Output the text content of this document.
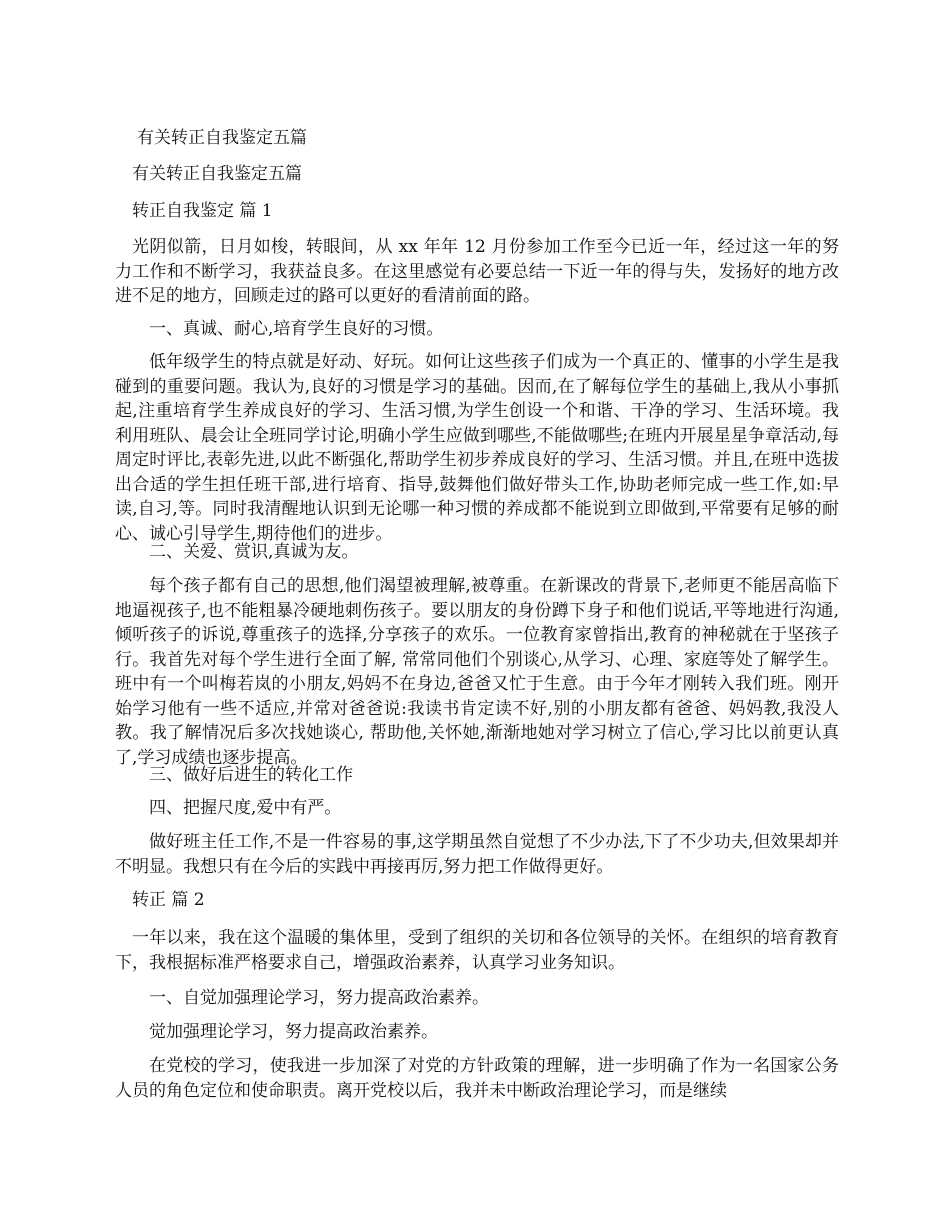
有关转正自我鉴定五篇
有关转正自我鉴定五篇
转正自我鉴定 篇 1
光阴似箭，日月如梭，转眼间，从 xx 年年 12 月份参加工作至今已近一年，经过这一年的努力工作和不断学习，我获益良多。在这里感觉有必要总结一下近一年的得与失，发扬好的地方改进不足的地方，回顾走过的路可以更好的看清前面的路。
一、真诚、耐心,培育学生良好的习惯。
低年级学生的特点就是好动、好玩。如何让这些孩子们成为一个真正的、懂事的小学生是我碰到的重要问题。我认为,良好的习惯是学习的基础。因而,在了解每位学生的基础上,我从小事抓起,注重培育学生养成良好的学习、生活习惯,为学生创设一个和谐、干净的学习、生活环境。我利用班队、晨会让全班同学讨论,明确小学生应做到哪些,不能做哪些;在班内开展星星争章活动,每周定时评比,表彰先进,以此不断强化,帮助学生初步养成良好的学习、生活习惯。并且,在班中选拔出合适的学生担任班干部,进行培育、指导,鼓舞他们做好带头工作,协助老师完成一些工作,如:早读,自习,等。同时我清醒地认识到无论哪一种习惯的养成都不能说到立即做到,平常要有足够的耐心、诚心引导学生,期待他们的进步。
二、关爱、赏识,真诚为友。
每个孩子都有自己的思想,他们渴望被理解,被尊重。在新课改的背景下,老师更不能居高临下地逼视孩子,也不能粗暴冷硬地刺伤孩子。要以朋友的身份蹲下身子和他们说话,平等地进行沟通,倾听孩子的诉说,尊重孩子的选择,分享孩子的欢乐。一位教育家曾指出,教育的神秘就在于坚孩子行。我首先对每个学生进行全面了解, 常常同他们个别谈心,从学习、心理、家庭等处了解学生。班中有一个叫梅若岚的小朋友,妈妈不在身边,爸爸又忙于生意。由于今年才刚转入我们班。刚开始学习他有一些不适应,并常对爸爸说:我读书肯定读不好,别的小朋友都有爸爸、妈妈教,我没人教。我了解情况后多次找她谈心, 帮助他,关怀她,渐渐地她对学习树立了信心,学习比以前更认真了,学习成绩也逐步提高。
三、做好后进生的转化工作
四、把握尺度,爱中有严。
做好班主任工作,不是一件容易的事,这学期虽然自觉想了不少办法,下了不少功夫,但效果却并不明显。我想只有在今后的实践中再接再厉,努力把工作做得更好。
转正 篇 2
一年以来，我在这个温暖的集体里，受到了组织的关切和各位领导的关怀。在组织的培育教育下，我根据标准严格要求自己，增强政治素养，认真学习业务知识。
一、自觉加强理论学习，努力提高政治素养。
觉加强理论学习，努力提高政治素养。
在党校的学习，使我进一步加深了对党的方针政策的理解，进一步明确了作为一名国家公务人员的角色定位和使命职责。离开党校以后，我并未中断政治理论学习，而是继续
